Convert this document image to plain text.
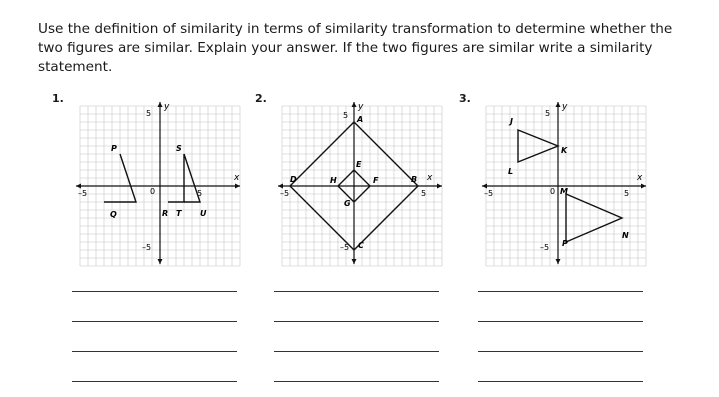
Use the definition of similarity in terms of similarity transformation to determine whether the
two figures are similar. Explain your answer. If the two figures are similar write a similarity
statement.
1.
x
y
5
–5	5
–5
0
P	S
Q	R T U
2.
x
y
5
–5	5
–5
A
B
C
D
E
F
G
H
3.
x
y
5
–5	5
–5
0
J
K
L
M
N
P
